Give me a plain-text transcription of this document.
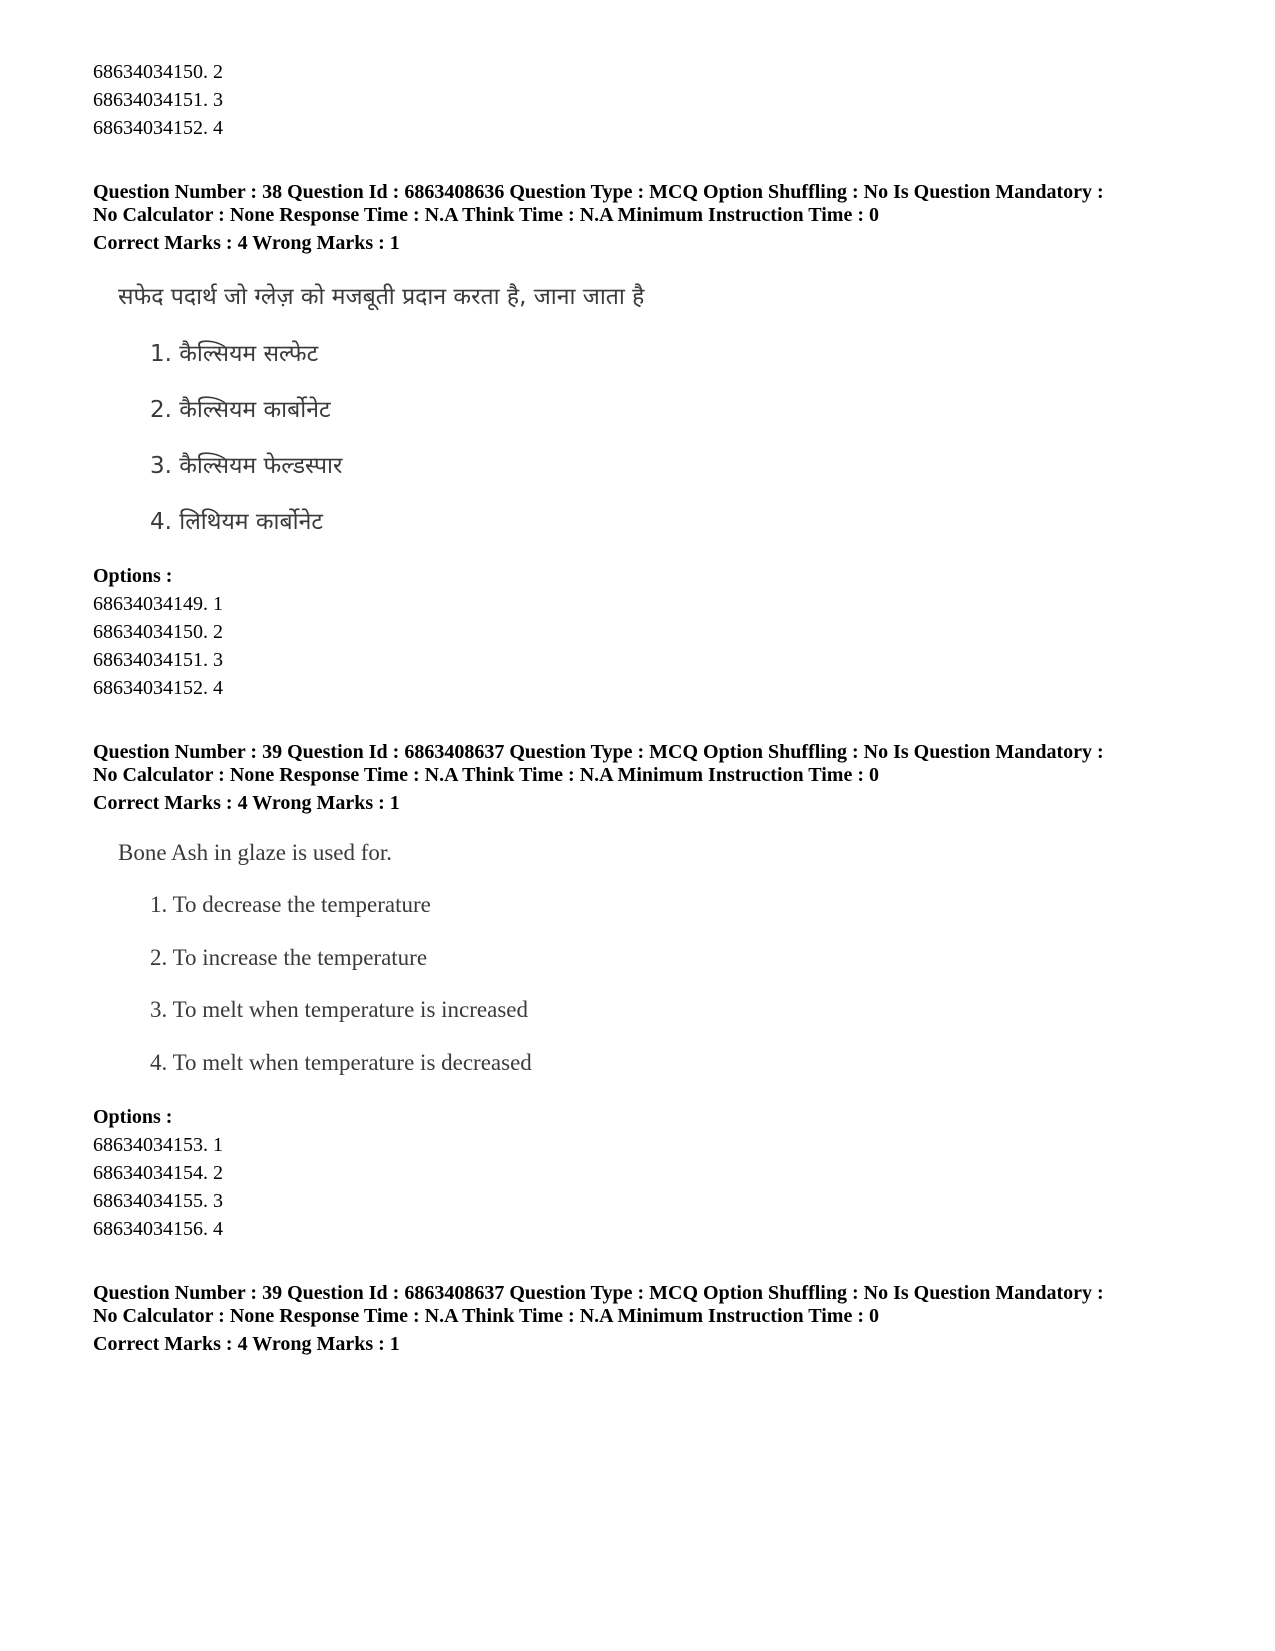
68634034150. 2
68634034151. 3
68634034152. 4
Question Number : 38 Question Id : 6863408636 Question Type : MCQ Option Shuffling : No Is Question Mandatory :
No Calculator : None Response Time : N.A Think Time : N.A Minimum Instruction Time : 0
Correct Marks : 4 Wrong Marks : 1
सफेद पदार्थ जो ग्लेज़ को मजबूती प्रदान करता है, जाना जाता है
1. कैल्सियम सल्फेट
2. कैल्सियम कार्बोनेट
3. कैल्सियम फेल्डस्पार
4. लिथियम कार्बोनेट
Options :
68634034149. 1
68634034150. 2
68634034151. 3
68634034152. 4
Question Number : 39 Question Id : 6863408637 Question Type : MCQ Option Shuffling : No Is Question Mandatory :
No Calculator : None Response Time : N.A Think Time : N.A Minimum Instruction Time : 0
Correct Marks : 4 Wrong Marks : 1
Bone Ash in glaze is used for.
1. To decrease the temperature
2. To increase the temperature
3. To melt when temperature is increased
4. To melt when temperature is decreased
Options :
68634034153. 1
68634034154. 2
68634034155. 3
68634034156. 4
Question Number : 39 Question Id : 6863408637 Question Type : MCQ Option Shuffling : No Is Question Mandatory :
No Calculator : None Response Time : N.A Think Time : N.A Minimum Instruction Time : 0
Correct Marks : 4 Wrong Marks : 1
